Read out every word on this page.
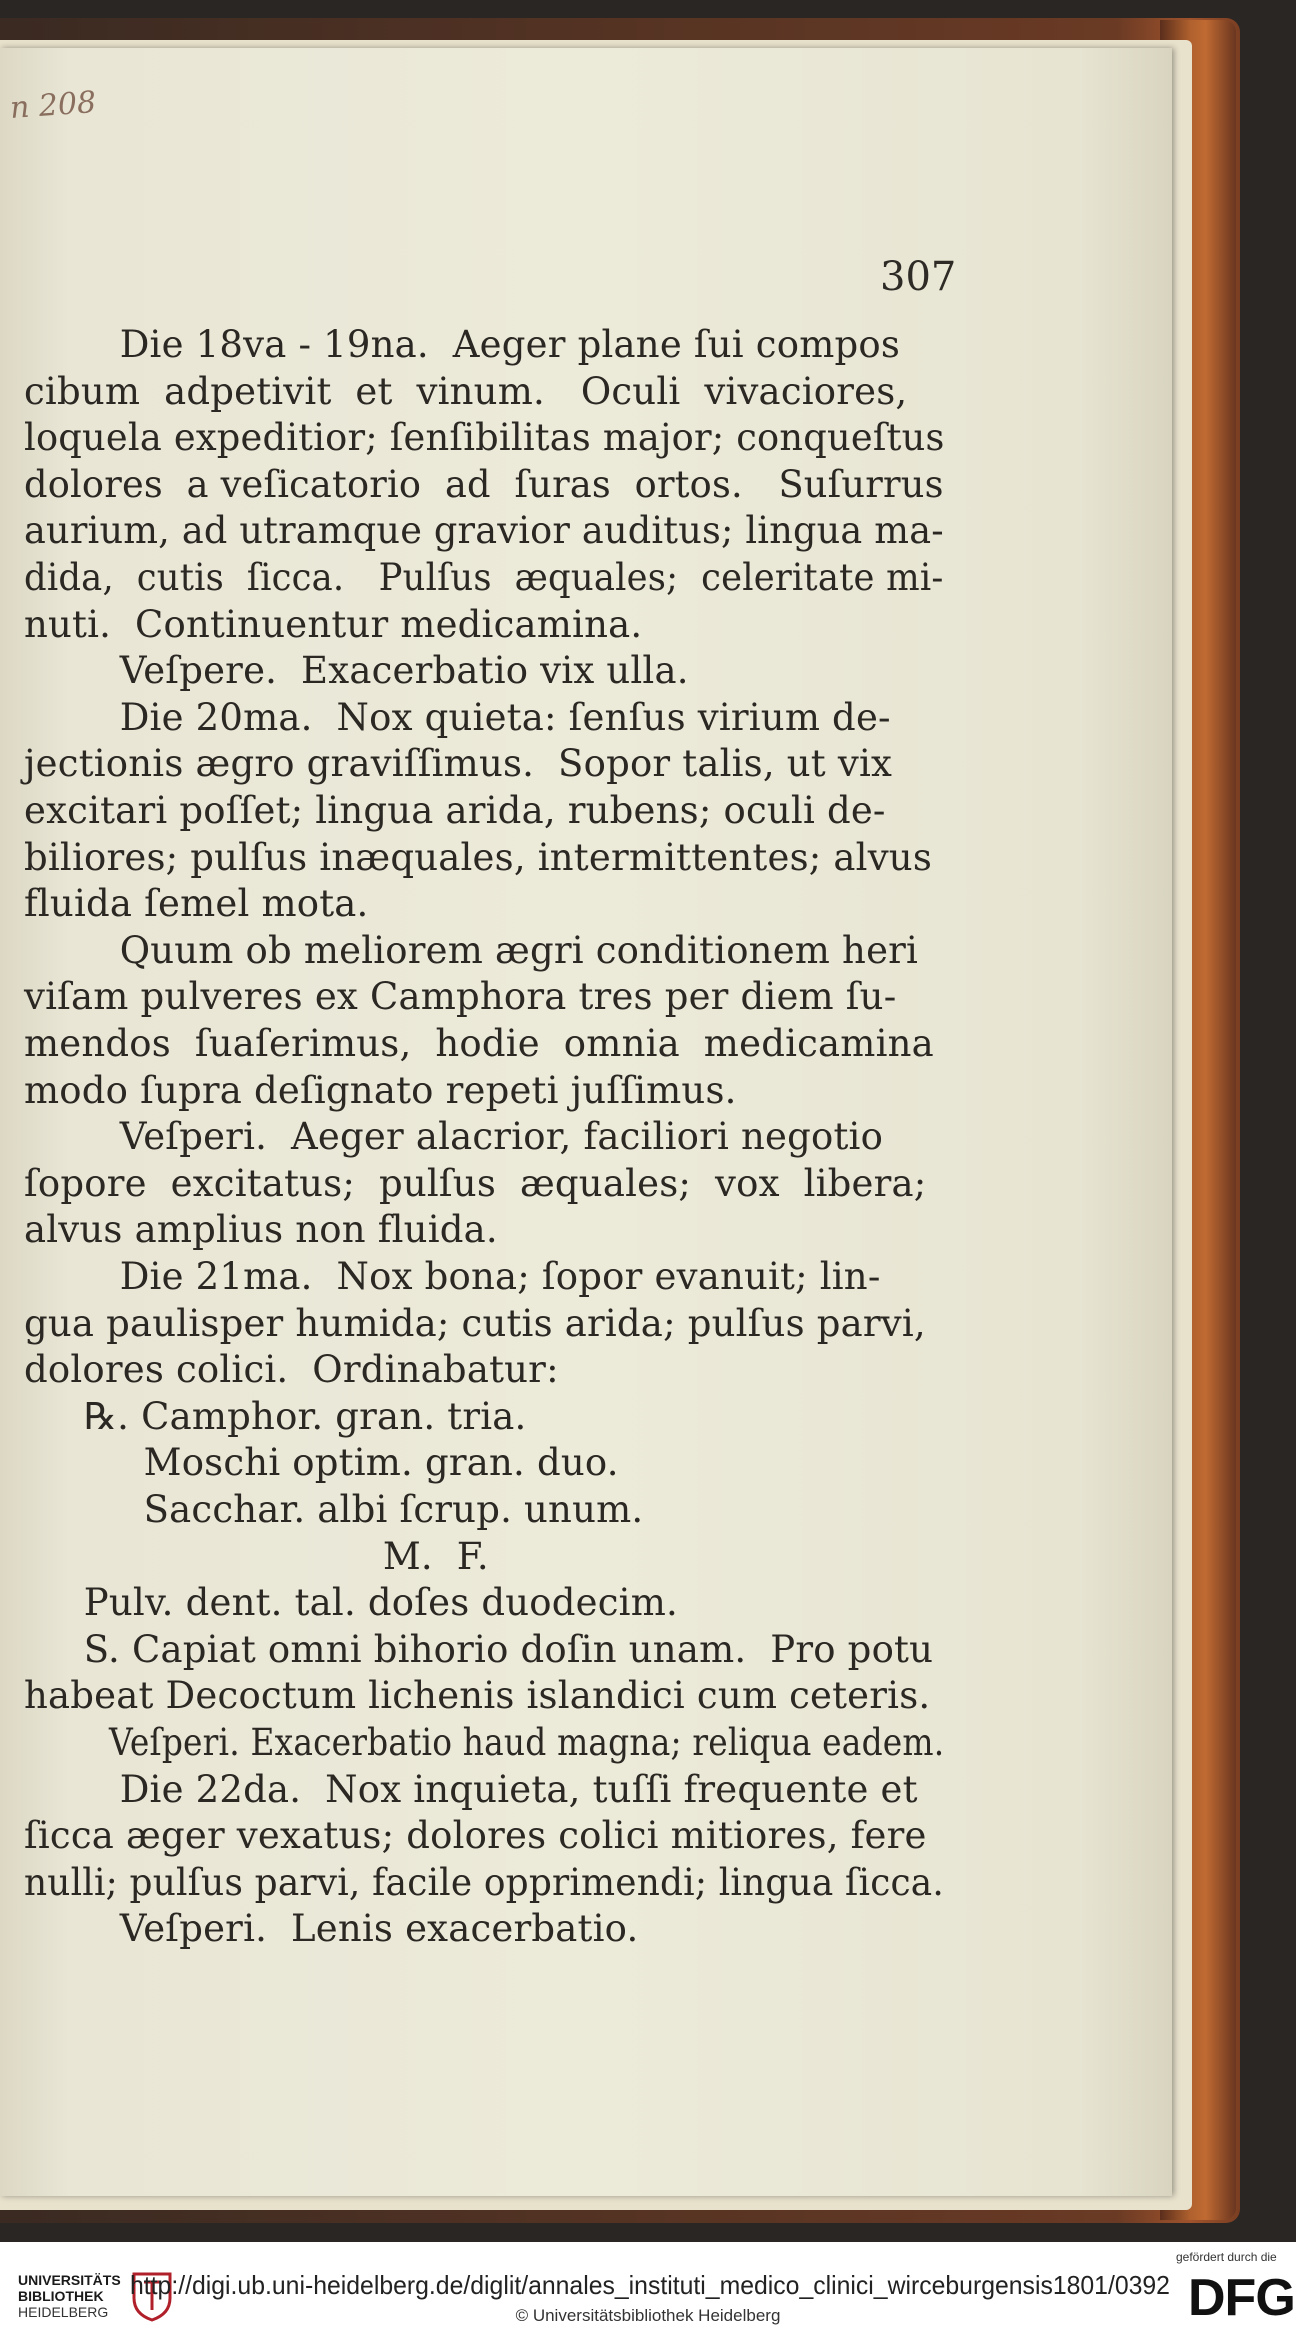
n 208
307
Die 18va - 19na.  Aeger plane ſui compos
cibum  adpetivit  et  vinum.   Oculi  vivaciores,
loquela expeditior; ſenſibilitas major; conqueſtus
dolores  a veſicatorio  ad  ſuras  ortos.   Suſurrus
aurium, ad utramque gravior auditus; lingua ma-
dida,  cutis  ſicca.   Pulſus  æquales;  celeritate mi-
nuti.  Continuentur medicamina.
Veſpere.  Exacerbatio vix ulla.
Die 20ma.  Nox quieta: ſenſus virium de-
jectionis ægro graviſſimus.  Sopor talis, ut vix
excitari poſſet; lingua arida, rubens; oculi de-
biliores; pulſus inæquales, intermittentes; alvus
fluida ſemel mota.
Quum ob meliorem ægri conditionem heri
viſam pulveres ex Camphora tres per diem ſu-
mendos  ſuaſerimus,  hodie  omnia  medicamina
modo ſupra deſignato repeti juſſimus.
Veſperi.  Aeger alacrior, faciliori negotio
ſopore  excitatus;  pulſus  æquales;  vox  libera;
alvus amplius non fluida.
Die 21ma.  Nox bona; ſopor evanuit; lin-
gua paulisper humida; cutis arida; pulſus parvi,
dolores colici.  Ordinabatur:
℞. Camphor. gran. tria.
Moschi optim. gran. duo.
Sacchar. albi ſcrup. unum.
M.  F.
Pulv. dent. tal. doſes duodecim.
S. Capiat omni bihorio doſin unam.  Pro potu
habeat Decoctum lichenis islandici cum ceteris.
Veſperi. Exacerbatio haud magna; reliqua eadem.
Die 22da.  Nox inquieta, tuſſi frequente et
ſicca æger vexatus; dolores colici mitiores, fere
nulli; pulſus parvi, facile opprimendi; lingua ſicca.
Veſperi.  Lenis exacerbatio.
UNIVERSITÄTS
BIBLIOTHEK
HEIDELBERG
http://digi.ub.uni-heidelberg.de/diglit/annales_instituti_medico_clinici_wirceburgensis1801/0392
© Universitätsbibliothek Heidelberg
gefördert durch die
DFG
